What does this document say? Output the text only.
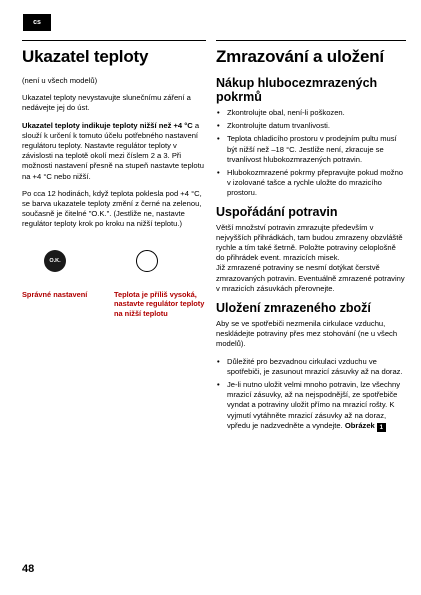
cs
Ukazatel teploty
(není u všech modelů)
Ukazatel teploty nevystavujte slunečnímu záření a nedávejte jej do úst.
Ukazatel teploty indikuje teploty nižší než +4 °C a slouží k určení k tomuto účelu potřebného nastavení regulátoru teploty. Nastavte regulátor teploty v závislosti na teplotě okolí mezi číslem 2 a 3. Při možnosti nastavení přesně na stupeň nastavte teplotu na +4 °C nebo nižší.
Po cca 12 hodinách, když teplota poklesla pod +4 °C, se barva ukazatele teploty změní z černé na zelenou, současně je čitelné "O.K.". (Jestliže ne, nastavte regulátor teploty krok po kroku na nižší teplotu.)
O.K.
Správné nastavení	Teplota je příliš vysoká, nastavte regulátor teploty na nižší teplotu
Zmrazování a uložení
Nákup hlubocezmrazených pokrmů
• Zkontrolujte obal, není-li poškozen.
• Zkontrolujte datum trvanlivosti.
• Teplota chladicího prostoru v prodejním pultu musí být nižší než –18 °C. Jestliže není, zkracuje se trvanlivost hlubokozmrazených potravin.
• Hlubokozmrazené pokrmy přepravujte pokud možno v izolované tašce a rychle uložte do mrazicího prostoru.
Uspořádání potravin
Větší množství potravin zmrazujte především v nejvyšších přihrádkách, tam budou zmrazeny obzvláště rychle a tím také šetrně. Položte potraviny celoplošně do přihrádek event. mrazicích misek.
Již zmrazené potraviny se nesmí dotýkat čerstvě zmrazovaných potravin. Eventuálně zmrazené potraviny v mrazicích zásuvkách přerovnejte.
Uložení zmrazeného zboží
Aby se ve spotřebiči nezmenila cirkulace vzduchu, neskládejte potraviny přes mez stohování (ne u všech modelů).
• Důležité pro bezvadnou cirkulaci vzduchu ve spotřebiči, je zasunout mrazicí zásuvky až na doraz.
• Je-li nutno uložit velmi mnoho potravin, lze všechny mrazicí zásuvky, až na nejspodnější, ze spotřebiče vyndat a potraviny uložit přímo na mrazicí rošty. K vyjmutí vytáhněte mrazicí zásuvky až na doraz, vpředu je nadzvedněte a vyndejte. Obrázek 1
48
